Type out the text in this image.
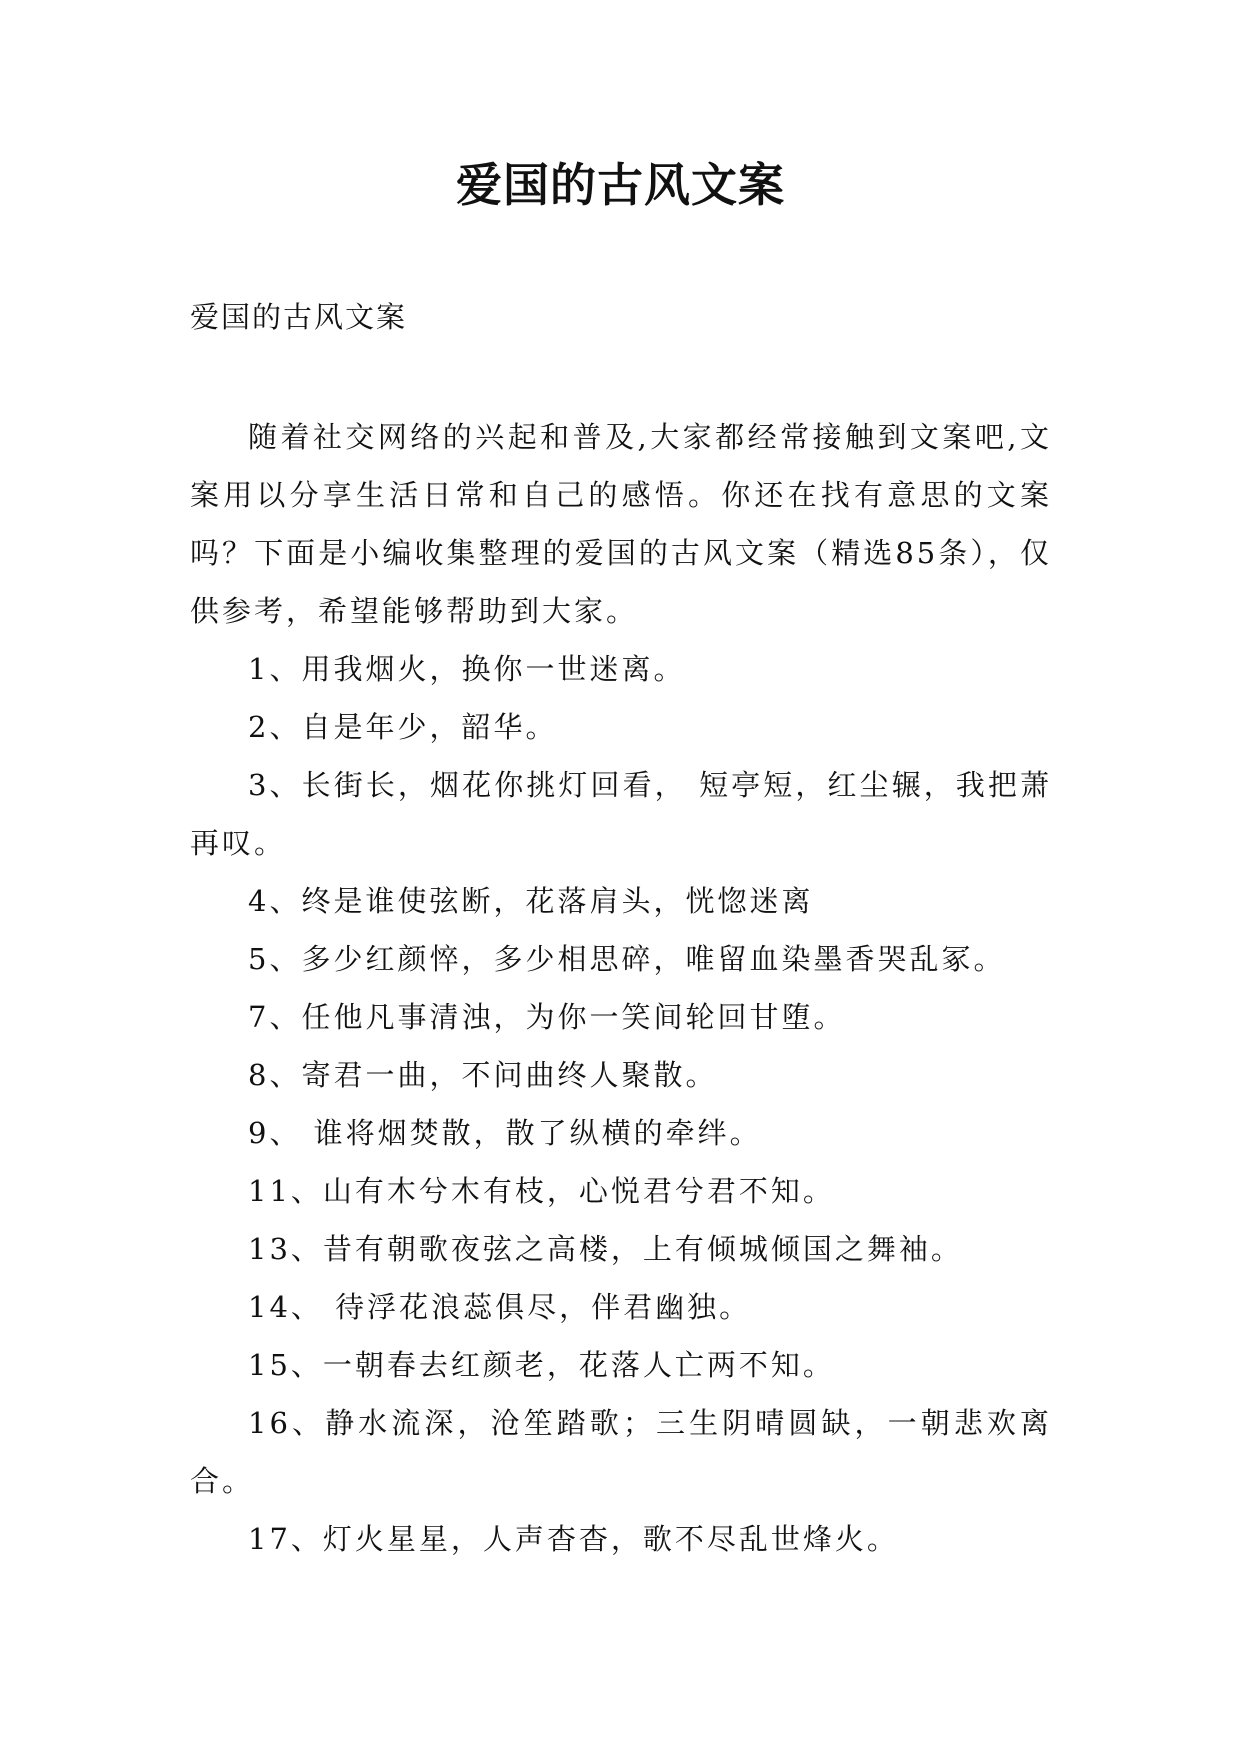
爱国的古风文案
爱国的古风文案

随着社交网络的兴起和普及,大家都经常接触到文案吧,文案用以分享生活日常和自己的感悟。你还在找有意思的文案吗？下面是小编收集整理的爱国的古风文案（精选85条），仅供参考，希望能够帮助到大家。

1、用我烟火，换你一世迷离。

2、自是年少，韶华。

3、长街长，烟花你挑灯回看， 短亭短，红尘辗，我把萧再叹。

4、终是谁使弦断，花落肩头，恍惚迷离

5、多少红颜悴，多少相思碎，唯留血染墨香哭乱冢。

7、任他凡事清浊，为你一笑间轮回甘堕。

8、寄君一曲，不问曲终人聚散。

9、 谁将烟焚散，散了纵横的牵绊。

11、山有木兮木有枝，心悦君兮君不知。

13、昔有朝歌夜弦之高楼，上有倾城倾国之舞袖。

14、 待浮花浪蕊俱尽，伴君幽独。

15、一朝春去红颜老，花落人亡两不知。

16、静水流深，沧笙踏歌；三生阴晴圆缺，一朝悲欢离合。

17、灯火星星，人声杳杳，歌不尽乱世烽火。
